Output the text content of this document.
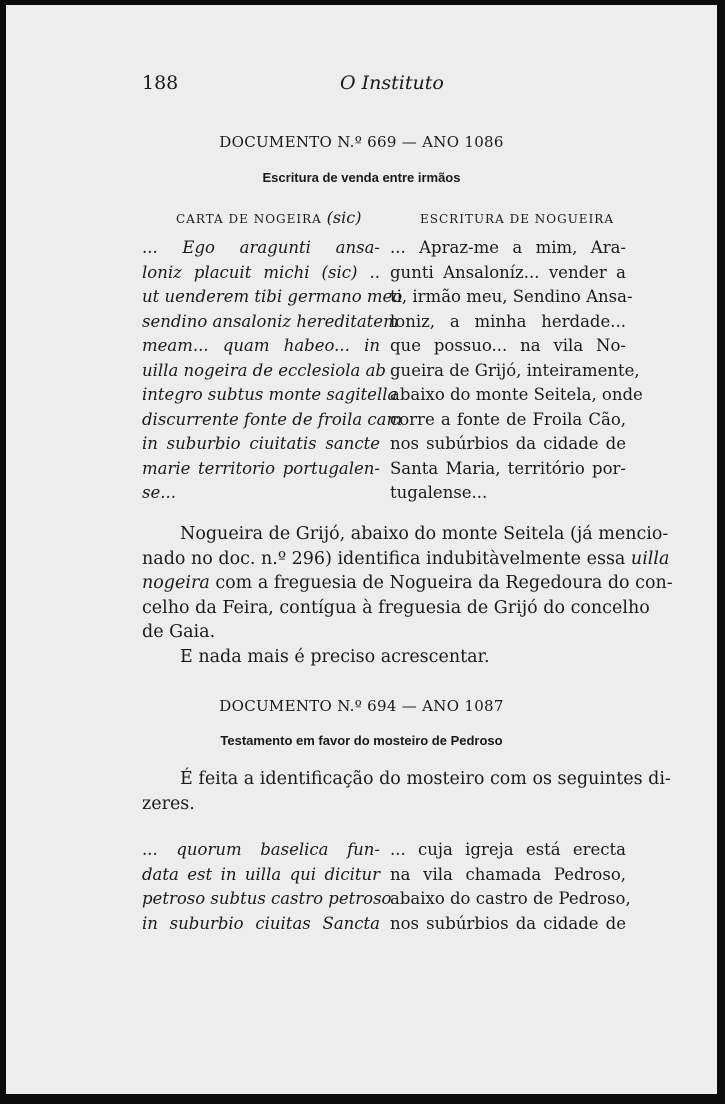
188	O Instituto
DOCUMENTO N.º 669 — ANO 1086
Escritura de venda entre irmãos
CARTA DE NOGEIRA (sic)	ESCRITURA DE NOGUEIRA
... Ego aragunti ansa-
loniz placuit michi (sic) ..
ut uenderem tibi germano meo
sendino ansaloniz hereditatem
meam... quam habeo... in
uilla nogeira de ecclesiola ab
integro subtus monte sagitella
discurrente fonte de froila cam
in suburbio ciuitatis sancte
marie territorio portugalen-
se...
... Apraz-me a mim, Ara-
gunti Ansaloníz... vender a
ti, irmão meu, Sendino Ansa-
loniz, a minha herdade...
que possuo... na vila No-
gueira de Grijó, inteiramente,
abaixo do monte Seitela, onde
corre a fonte de Froila Cão,
nos subúrbios da cidade de
Santa Maria, território por-
tugalense...
Nogueira de Grijó, abaixo do monte Seitela (já mencio-
nado no doc. n.º 296) identifica indubitàvelmente essa uilla
nogeira com a freguesia de Nogueira da Regedoura do con-
celho da Feira, contígua à freguesia de Grijó do concelho
de Gaia.
E nada mais é preciso acrescentar.
DOCUMENTO N.º 694 — ANO 1087
Testamento em favor do mosteiro de Pedroso
É feita a identificação do mosteiro com os seguintes di-
zeres.
... quorum baselica fun-
data est in uilla qui dicitur
petroso subtus castro petroso
in suburbio ciuitas Sancta
... cuja igreja está erecta
na vila chamada Pedroso,
abaixo do castro de Pedroso,
nos subúrbios da cidade de
